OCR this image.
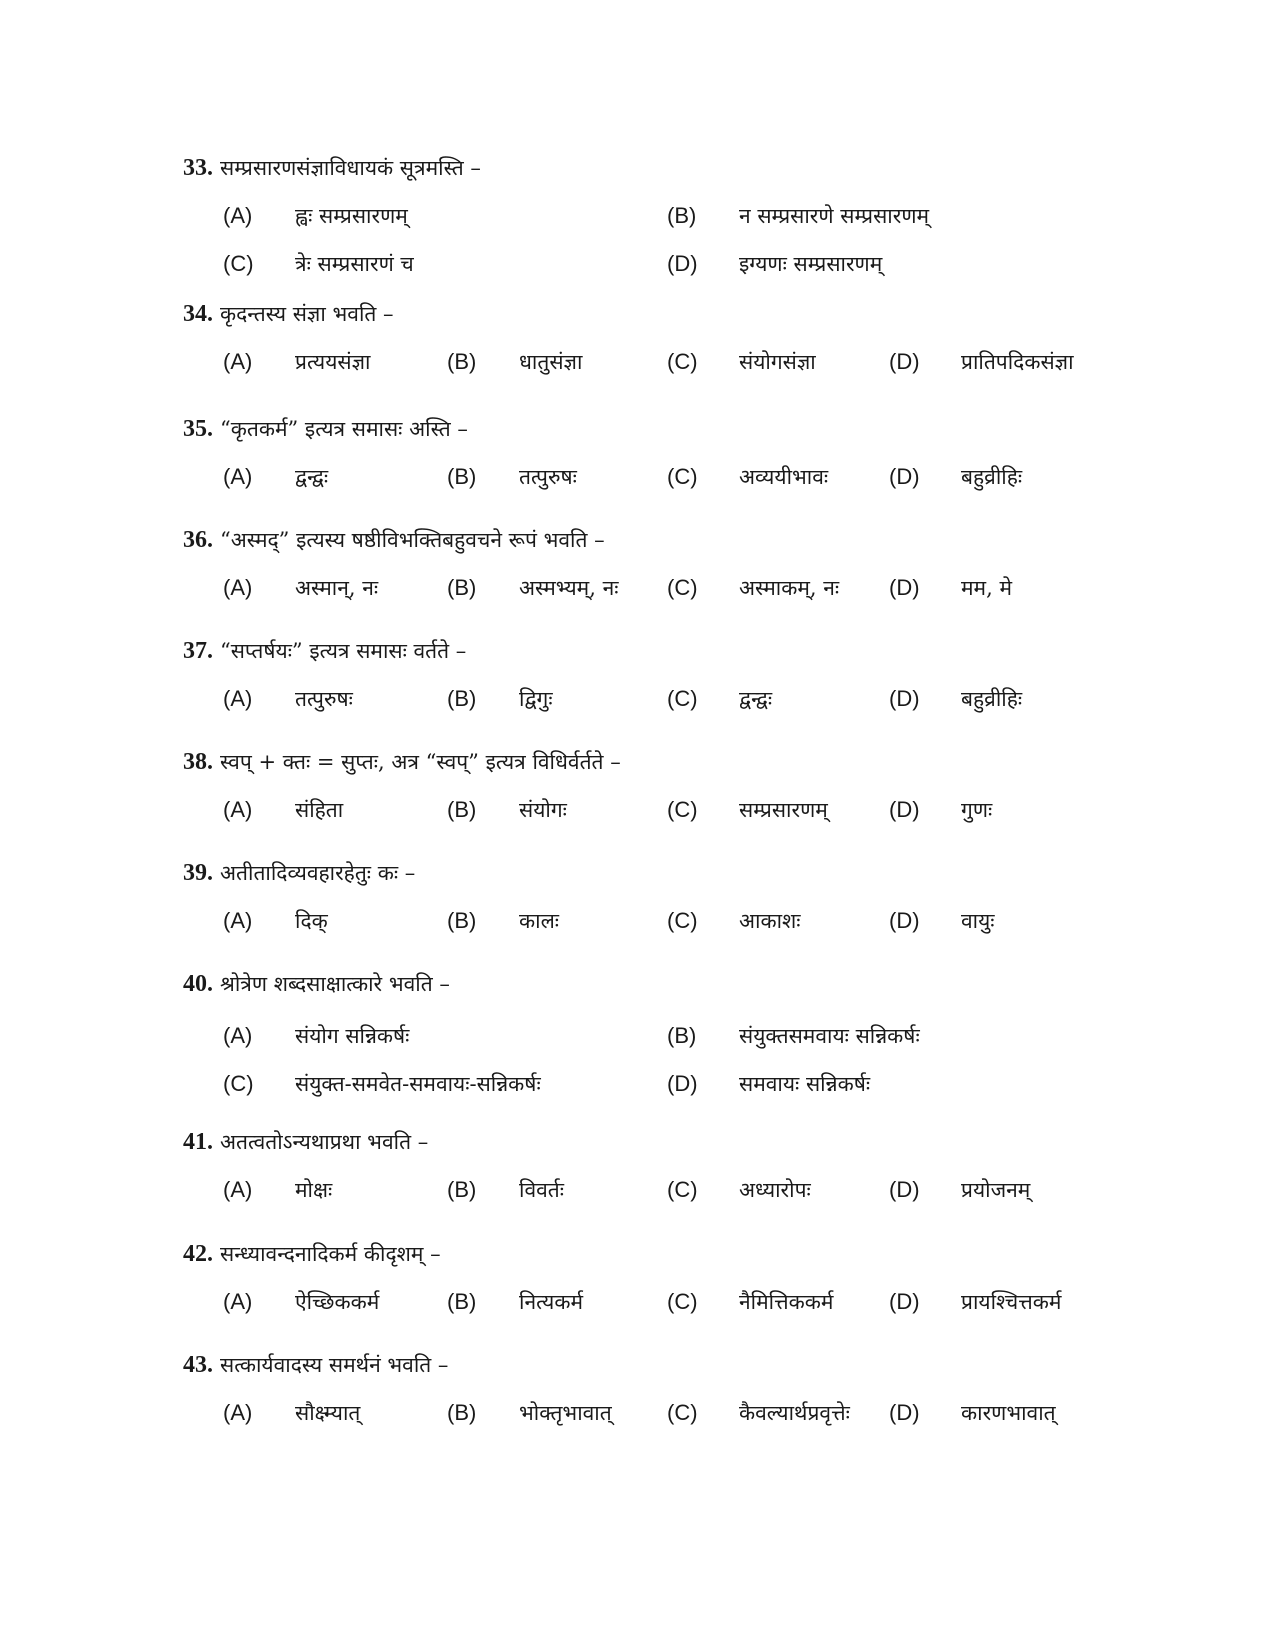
33. सम्प्रसारणसंज्ञाविधायकं सूत्रमस्ति –
(A) ह्वः सम्प्रसारणम्	(B) न सम्प्रसारणे सम्प्रसारणम्
(C) त्रेः सम्प्रसारणं च	(D) इग्यणः सम्प्रसारणम्
34. कृदन्तस्य संज्ञा भवति –
(A) प्रत्ययसंज्ञा	(B) धातुसंज्ञा	(C) संयोगसंज्ञा	(D) प्रातिपदिकसंज्ञा
35. “कृतकर्म” इत्यत्र समासः अस्ति –
(A) द्वन्द्वः	(B) तत्पुरुषः	(C) अव्ययीभावः	(D) बहुव्रीहिः
36. “अस्मद्” इत्यस्य षष्ठीविभक्तिबहुवचने रूपं भवति –
(A) अस्मान्, नः	(B) अस्मभ्यम्, नः (C) अस्माकम्, नः (D) मम, मे
37. “सप्तर्षयः” इत्यत्र समासः वर्तते –
(A) तत्पुरुषः	(B) द्विगुः	(C) द्वन्द्वः	(D) बहुव्रीहिः
38. स्वप् + क्तः = सुप्तः, अत्र “स्वप्” इत्यत्र विधिर्वर्तते –
(A) संहिता	(B) संयोगः	(C) सम्प्रसारणम्	(D) गुणः
39. अतीतादिव्यवहारहेतुः कः –
(A) दिक्	(B) कालः	(C) आकाशः	(D) वायुः
40. श्रोत्रेण शब्दसाक्षात्कारे भवति –
(A) संयोग सन्निकर्षः	(B) संयुक्तसमवायः सन्निकर्षः
(C) संयुक्त-समवेत-समवायः-सन्निकर्षः	(D) समवायः सन्निकर्षः
41. अतत्वतोऽन्यथाप्रथा भवति –
(A) मोक्षः	(B) विवर्तः	(C) अध्यारोपः	(D) प्रयोजनम्
42. सन्ध्यावन्दनादिकर्म कीदृशम् –
(A) ऐच्छिककर्म	(B) नित्यकर्म	(C) नैमित्तिककर्म	(D) प्रायश्चित्तकर्म
43. सत्कार्यवादस्य समर्थनं भवति –
(A) सौक्ष्म्यात्	(B) भोक्तृभावात्	(C) कैवल्यार्थप्रवृत्तेः (D) कारणभावात्
